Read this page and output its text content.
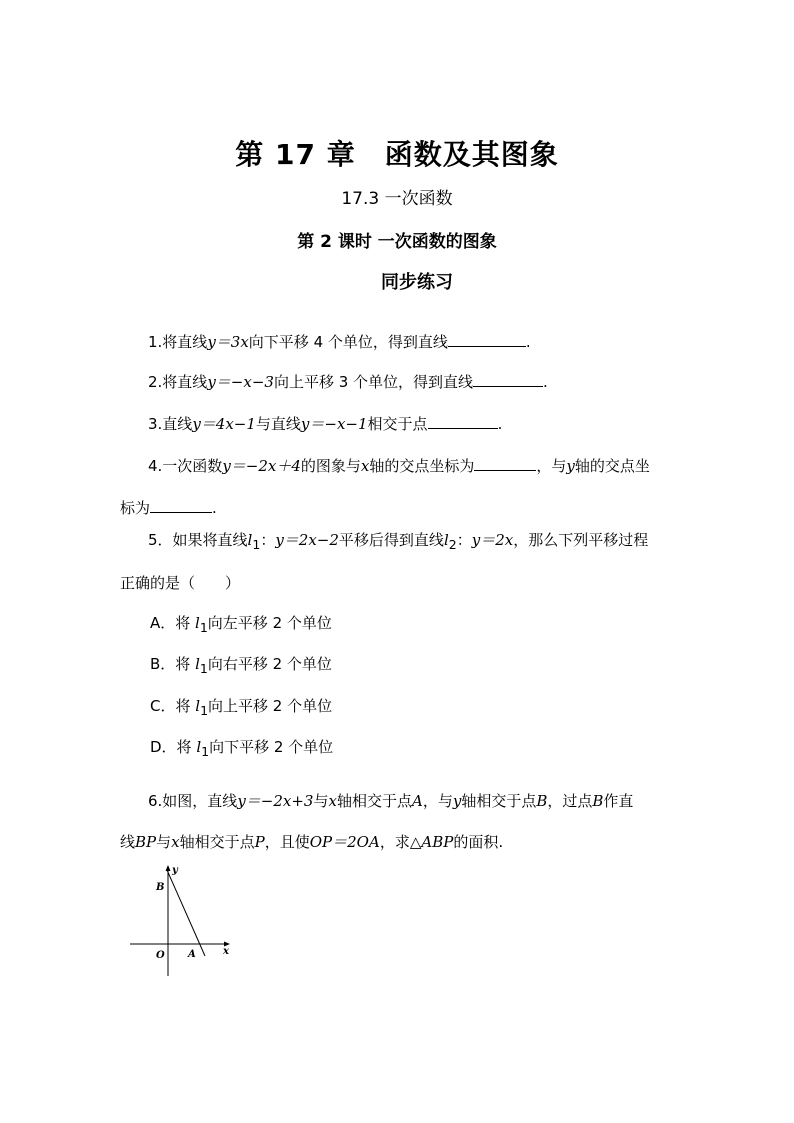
第 17 章　函数及其图象
17.3 一次函数
第 2 课时 一次函数的图象
同步练习
1.将直线y＝3x向下平移 4 个单位，得到直线	.
2.将直线y＝−x−3向上平移 3 个单位，得到直线	.
3.直线y＝4x−1与直线y＝−x−1相交于点	.
4.一次函数y＝−2x＋4的图象与x轴的交点坐标为	，与y轴的交点坐
标为	.
5．如果将直线$l_1$：y＝2x−2平移后得到直线$l_2$：y＝2x，那么下列平移过程
正确的是（　　）
A．将 $l_1$向左平移 2 个单位
B．将 $l_1$向右平移 2 个单位
C．将 $l_1$向上平移 2 个单位
D．将 $l_1$向下平移 2 个单位
6.如图，直线y＝−2x+3与x轴相交于点A，与y轴相交于点B，过点B作直
线BP与x轴相交于点P，且使OP＝2OA，求△ABP的面积.
y
x
O A
B
